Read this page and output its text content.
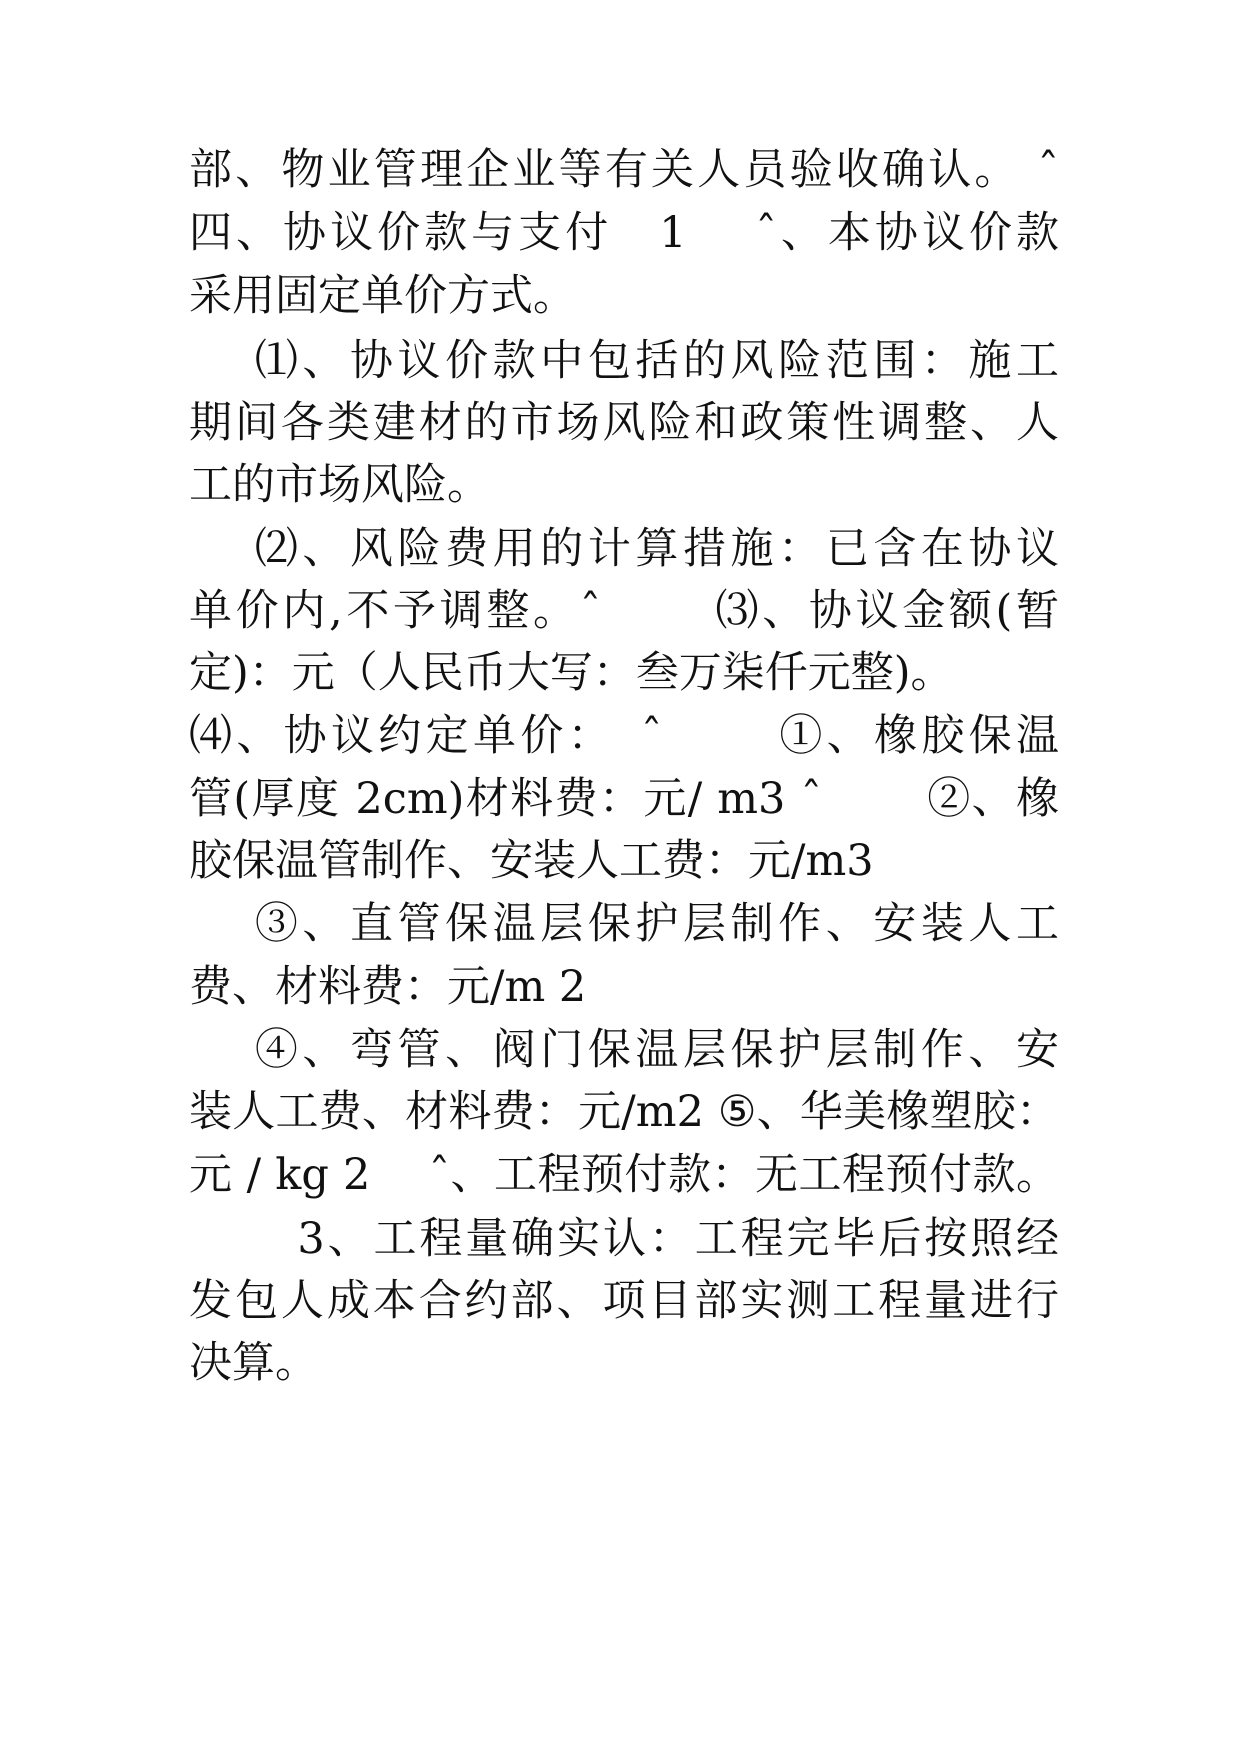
部、物业管理企业等有关人员验收确认。 ˆ
四、协议价款与支付　1　 ˆ、本协议价款
采用固定单价方式。
　 ⑴、协议价款中包括的风险范围：施工
期间各类建材的市场风险和政策性调整、人
工的市场风险。
　 ⑵、风险费用的计算措施：已含在协议
单价内,不予调整。ˆ　　 ⑶、协议金额(暂
定)：元（人民币大写：叁万柒仟元整)。
⑷、协议约定单价：　ˆ　　 ①、橡胶保温
管(厚度 2cm)材料费：元/ m3 ˆ　　 ②、橡
胶保温管制作、安装人工费：元/m3
　 ③、直管保温层保护层制作、安装人工
费、材料费：元/m 2
　 ④、弯管、阀门保温层保护层制作、安
装人工费、材料费：元/m2 ⑤、华美橡塑胶：
元 / kg 2　 ˆ、工程预付款：无工程预付款。
　　 3、工程量确实认：工程完毕后按照经
发包人成本合约部、项目部实测工程量进行
决算。
